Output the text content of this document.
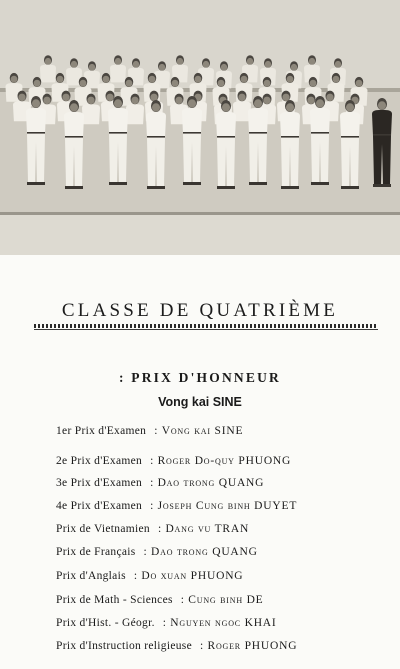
CLASSE DE QUATRIÈME
: PRIX D'HONNEUR
Vong kai SINE
1er Prix d'Examen : Vong kai SINE
2e Prix d'Examen : Roger Do-quy PHUONG
3e Prix d'Examen : Dao trong QUANG
4e Prix d'Examen : Joseph Cung binh DUYET
Prix de Vietnamien : Dang vu TRAN
Prix de Français : Dao trong QUANG
Prix d'Anglais : Do xuan PHUONG
Prix de Math - Sciences : Cung binh DE
Prix d'Hist. - Géogr. : Nguyen ngoc KHAI
Prix d'Instruction religieuse : Roger PHUONG
